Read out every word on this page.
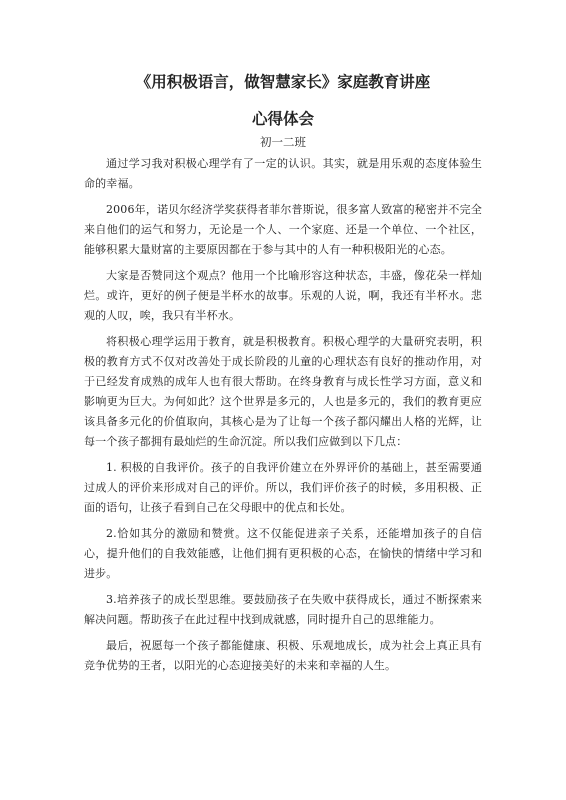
《用积极语言，做智慧家长》家庭教育讲座
心得体会
初一二班

通过学习我对积极心理学有了一定的认识。其实，就是用乐观的态度体验生命的幸福。

2006年，诺贝尔经济学奖获得者菲尔普斯说，很多富人致富的秘密并不完全来自他们的运气和努力，无论是一个人、一个家庭、还是一个单位、一个社区，能够积累大量财富的主要原因都在于参与其中的人有一种积极阳光的心态。

大家是否赞同这个观点？他用一个比喻形容这种状态，丰盛，像花朵一样灿烂。或许，更好的例子便是半杯水的故事。乐观的人说，啊，我还有半杯水。悲观的人叹，唉，我只有半杯水。

将积极心理学运用于教育，就是积极教育。积极心理学的大量研究表明，积极的教育方式不仅对改善处于成长阶段的儿童的心理状态有良好的推动作用，对于已经发育成熟的成年人也有很大帮助。在终身教育与成长性学习方面，意义和影响更为巨大。为何如此？这个世界是多元的，人也是多元的，我们的教育更应该具备多元化的价值取向，其核心是为了让每一个孩子都闪耀出人格的光辉，让每一个孩子都拥有最灿烂的生命沉淀。所以我们应做到以下几点：

1. 积极的自我评价。孩子的自我评价建立在外界评价的基础上，甚至需要通过成人的评价来形成对自己的评价。所以，我们评价孩子的时候，多用积极、正面的语句，让孩子看到自己在父母眼中的优点和长处。

2.恰如其分的激励和赞赏。这不仅能促进亲子关系，还能增加孩子的自信心，提升他们的自我效能感，让他们拥有更积极的心态，在愉快的情绪中学习和进步。

3.培养孩子的成长型思维。要鼓励孩子在失败中获得成长，通过不断探索来解决问题。帮助孩子在此过程中找到成就感，同时提升自己的思维能力。

最后，祝愿每一个孩子都能健康、积极、乐观地成长，成为社会上真正具有竞争优势的王者，以阳光的心态迎接美好的未来和幸福的人生。
